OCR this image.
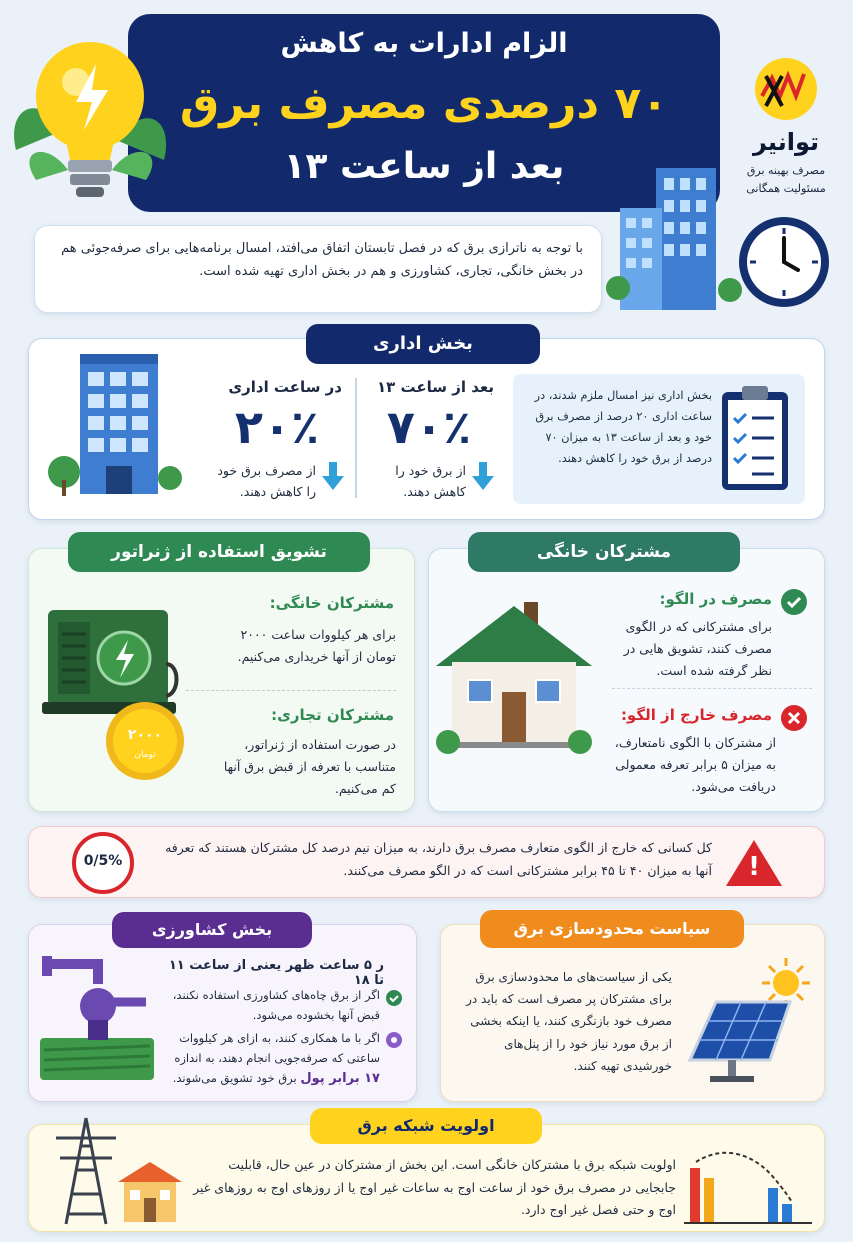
الزام ادارات به کاهش
۷۰ درصدی مصرف برق
بعد از ساعت ۱۳
توانیر
مصرف بهینه برق
مسئولیت همگانی
با توجه به ناترازی برق که در فصل تابستان اتفاق می‌افتد، امسال برنامه‌هایی برای صرفه‌جوئی هم در بخش خانگی، تجاری، کشاورزی و هم در بخش اداری تهیه شده است.
بخش اداری
بخش اداری نیز امسال ملزم شدند، در ساعت اداری ۲۰ درصد از مصرف برق خود و بعد از ساعت ۱۳ به میزان ۷۰ درصد از برق خود را کاهش دهند.
بعد از ساعت ۱۳
۷۰٪
از برق خود را کاهش دهند.
در ساعت اداری
۲۰٪
از مصرف برق خود را کاهش دهند.
تشویق استفاده از ژنراتور
مشترکان خانگی:
برای هر کیلووات ساعت ۲۰۰۰ تومان از آنها خریداری می‌کنیم.
مشترکان تجاری:
در صورت استفاده از ژنراتور، متناسب با تعرفه از قبض برق آنها کم می‌کنیم.
۲۰۰۰
تومان
مشترکان خانگی
مصرف در الگو:
برای مشترکانی که در الگوی مصرف کنند، تشویق هایی در نظر گرفته شده است.
مصرف خارج از الگو:
از مشترکان با الگوی نامتعارف، به میزان ۵ برابر تعرفه معمولی دریافت می‌شود.
!
کل کسانی که خارج از الگوی متعارف مصرف برق دارند، به میزان نیم درصد کل مشترکان هستند که تعرفه آنها به میزان ۴۰ تا ۴۵ برابر مشترکانی است که در الگو مصرف می‌کنند.
0/5%
بخش کشاورزی
ر ۵ ساعت ظهر یعنی از ساعت ۱۱ تا ۱۸
اگر از برق چاه‌های کشاورزی استفاده نکنند، قبض آنها بخشوده می‌شود.
اگر با ما همکاری کنند، به ازای هر کیلووات ساعتی که صرفه‌جویی انجام دهند، به اندازه ۱۷ برابر پول برق خود تشویق می‌شوند.
سیاست محدودسازی برق
یکی از سیاست‌های ما محدودسازی برق برای مشترکان پر مصرف است که باید در مصرف خود بازنگری کنند، یا اینکه بخشی از برق مورد نیاز خود را از پنل‌های خورشیدی تهیه کنند.
اولویت شبکه برق
اولویت شبکه برق با مشترکان خانگی است. این بخش از مشترکان در عین حال، قابلیت جابجایی در مصرف برق خود از ساعت اوج به ساعات غیر اوج یا از روزهای اوج به روزهای غیر اوج و حتی فصل غیر اوج دارد.
